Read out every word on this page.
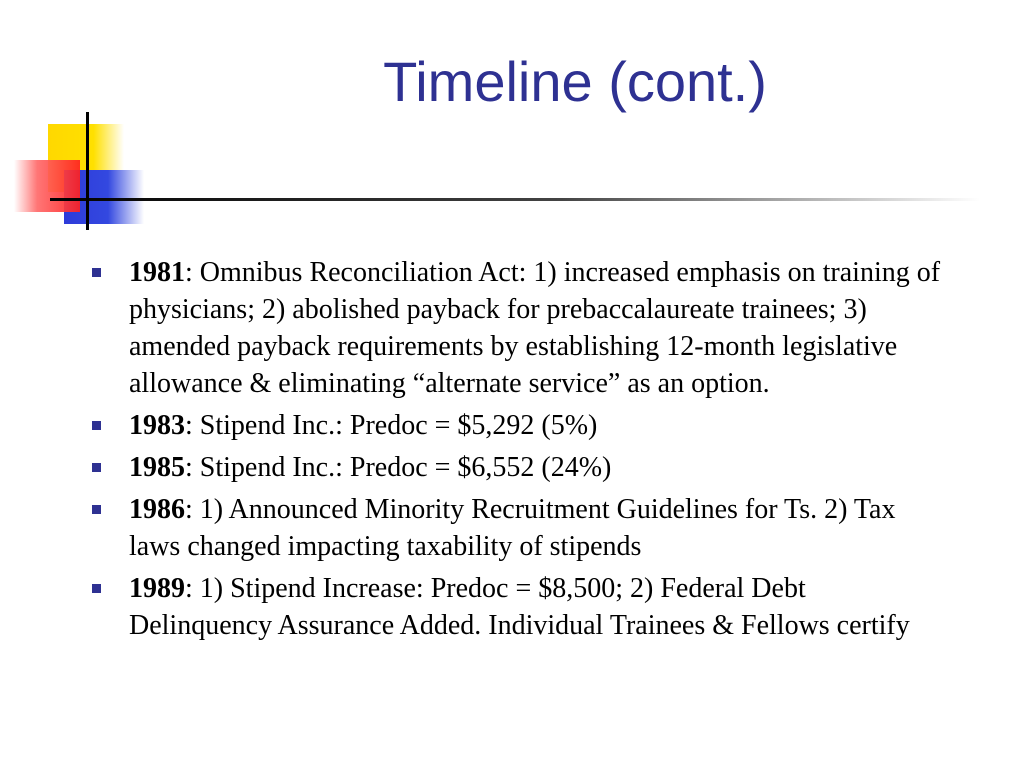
Timeline (cont.)
1981: Omnibus Reconciliation Act: 1) increased emphasis on training of physicians; 2) abolished payback for prebaccalaureate trainees; 3) amended payback requirements by establishing 12-month legislative allowance & eliminating “alternate service” as an option.
1983: Stipend Inc.: Predoc = $5,292 (5%)
1985: Stipend Inc.: Predoc = $6,552 (24%)
1986: 1) Announced Minority Recruitment Guidelines for Ts. 2) Tax laws changed impacting taxability of stipends
1989: 1) Stipend Increase: Predoc = $8,500; 2) Federal Debt Delinquency Assurance Added. Individual Trainees & Fellows certify
